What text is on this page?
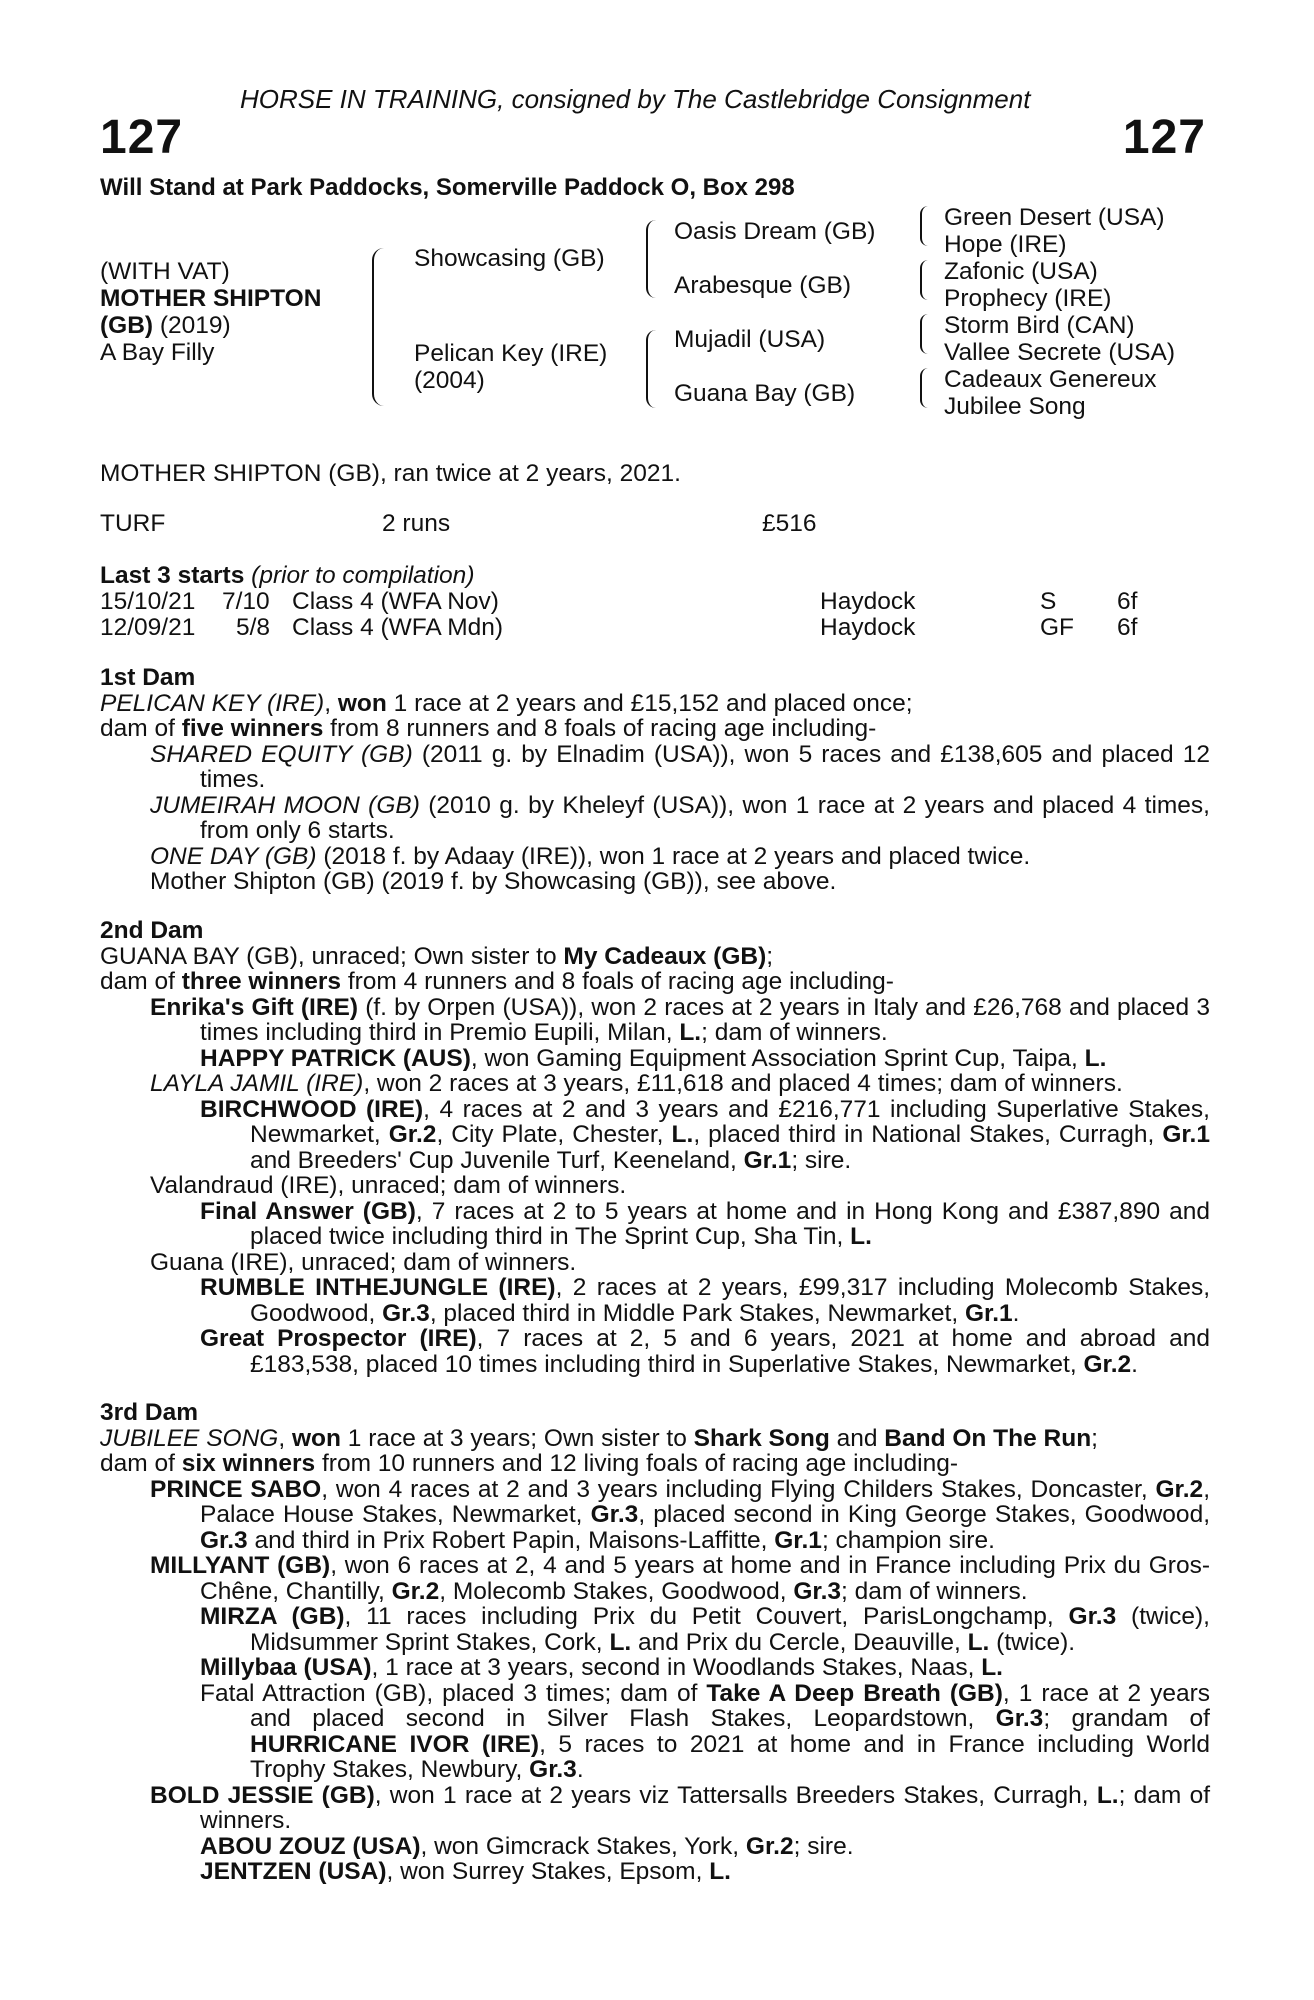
HORSE IN TRAINING, consigned by The Castlebridge Consignment
127	127
Will Stand at Park Paddocks, Somerville Paddock O, Box 298
(WITH VAT)
MOTHER SHIPTON
(GB) (2019)
A Bay Filly
Showcasing (GB)
Pelican Key (IRE)
(2004)
Oasis Dream (GB)
Arabesque (GB)
Mujadil (USA)
Guana Bay (GB)
Green Desert (USA)
Hope (IRE)
Zafonic (USA)
Prophecy (IRE)
Storm Bird (CAN)
Vallee Secrete (USA)
Cadeaux Genereux
Jubilee Song
MOTHER SHIPTON (GB), ran twice at 2 years, 2021.
TURF	2 runs	£516
Last 3 starts (prior to compilation)
15/10/21 7/10 Class 4 (WFA Nov)	Haydock	S 6f
12/09/21 5/8 Class 4 (WFA Mdn)	Haydock	GF 6f
1st Dam
PELICAN KEY (IRE), won 1 race at 2 years and £15,152 and placed once;
dam of five winners from 8 runners and 8 foals of racing age including-
SHARED EQUITY (GB) (2011 g. by Elnadim (USA)), won 5 races and £138,605 and placed 12 times.
JUMEIRAH MOON (GB) (2010 g. by Kheleyf (USA)), won 1 race at 2 years and placed 4 times, from only 6 starts.
ONE DAY (GB) (2018 f. by Adaay (IRE)), won 1 race at 2 years and placed twice.
Mother Shipton (GB) (2019 f. by Showcasing (GB)), see above.
2nd Dam
GUANA BAY (GB), unraced; Own sister to My Cadeaux (GB);
dam of three winners from 4 runners and 8 foals of racing age including-
Enrika's Gift (IRE) (f. by Orpen (USA)), won 2 races at 2 years in Italy and £26,768 and placed 3 times including third in Premio Eupili, Milan, L.; dam of winners.
HAPPY PATRICK (AUS), won Gaming Equipment Association Sprint Cup, Taipa, L.
LAYLA JAMIL (IRE), won 2 races at 3 years, £11,618 and placed 4 times; dam of winners.
BIRCHWOOD (IRE), 4 races at 2 and 3 years and £216,771 including Superlative Stakes, Newmarket, Gr.2, City Plate, Chester, L., placed third in National Stakes, Curragh, Gr.1 and Breeders' Cup Juvenile Turf, Keeneland, Gr.1; sire.
Valandraud (IRE), unraced; dam of winners.
Final Answer (GB), 7 races at 2 to 5 years at home and in Hong Kong and £387,890 and placed twice including third in The Sprint Cup, Sha Tin, L.
Guana (IRE), unraced; dam of winners.
RUMBLE INTHEJUNGLE (IRE), 2 races at 2 years, £99,317 including Molecomb Stakes, Goodwood, Gr.3, placed third in Middle Park Stakes, Newmarket, Gr.1.
Great Prospector (IRE), 7 races at 2, 5 and 6 years, 2021 at home and abroad and £183,538, placed 10 times including third in Superlative Stakes, Newmarket, Gr.2.
3rd Dam
JUBILEE SONG, won 1 race at 3 years; Own sister to Shark Song and Band On The Run;
dam of six winners from 10 runners and 12 living foals of racing age including-
PRINCE SABO, won 4 races at 2 and 3 years including Flying Childers Stakes, Doncaster, Gr.2, Palace House Stakes, Newmarket, Gr.3, placed second in King George Stakes, Goodwood, Gr.3 and third in Prix Robert Papin, Maisons-Laffitte, Gr.1; champion sire.
MILLYANT (GB), won 6 races at 2, 4 and 5 years at home and in France including Prix du Gros-Chêne, Chantilly, Gr.2, Molecomb Stakes, Goodwood, Gr.3; dam of winners.
MIRZA (GB), 11 races including Prix du Petit Couvert, ParisLongchamp, Gr.3 (twice), Midsummer Sprint Stakes, Cork, L. and Prix du Cercle, Deauville, L. (twice).
Millybaa (USA), 1 race at 3 years, second in Woodlands Stakes, Naas, L.
Fatal Attraction (GB), placed 3 times; dam of Take A Deep Breath (GB), 1 race at 2 years and placed second in Silver Flash Stakes, Leopardstown, Gr.3; grandam of HURRICANE IVOR (IRE), 5 races to 2021 at home and in France including World Trophy Stakes, Newbury, Gr.3.
BOLD JESSIE (GB), won 1 race at 2 years viz Tattersalls Breeders Stakes, Curragh, L.; dam of winners.
ABOU ZOUZ (USA), won Gimcrack Stakes, York, Gr.2; sire.
JENTZEN (USA), won Surrey Stakes, Epsom, L.
